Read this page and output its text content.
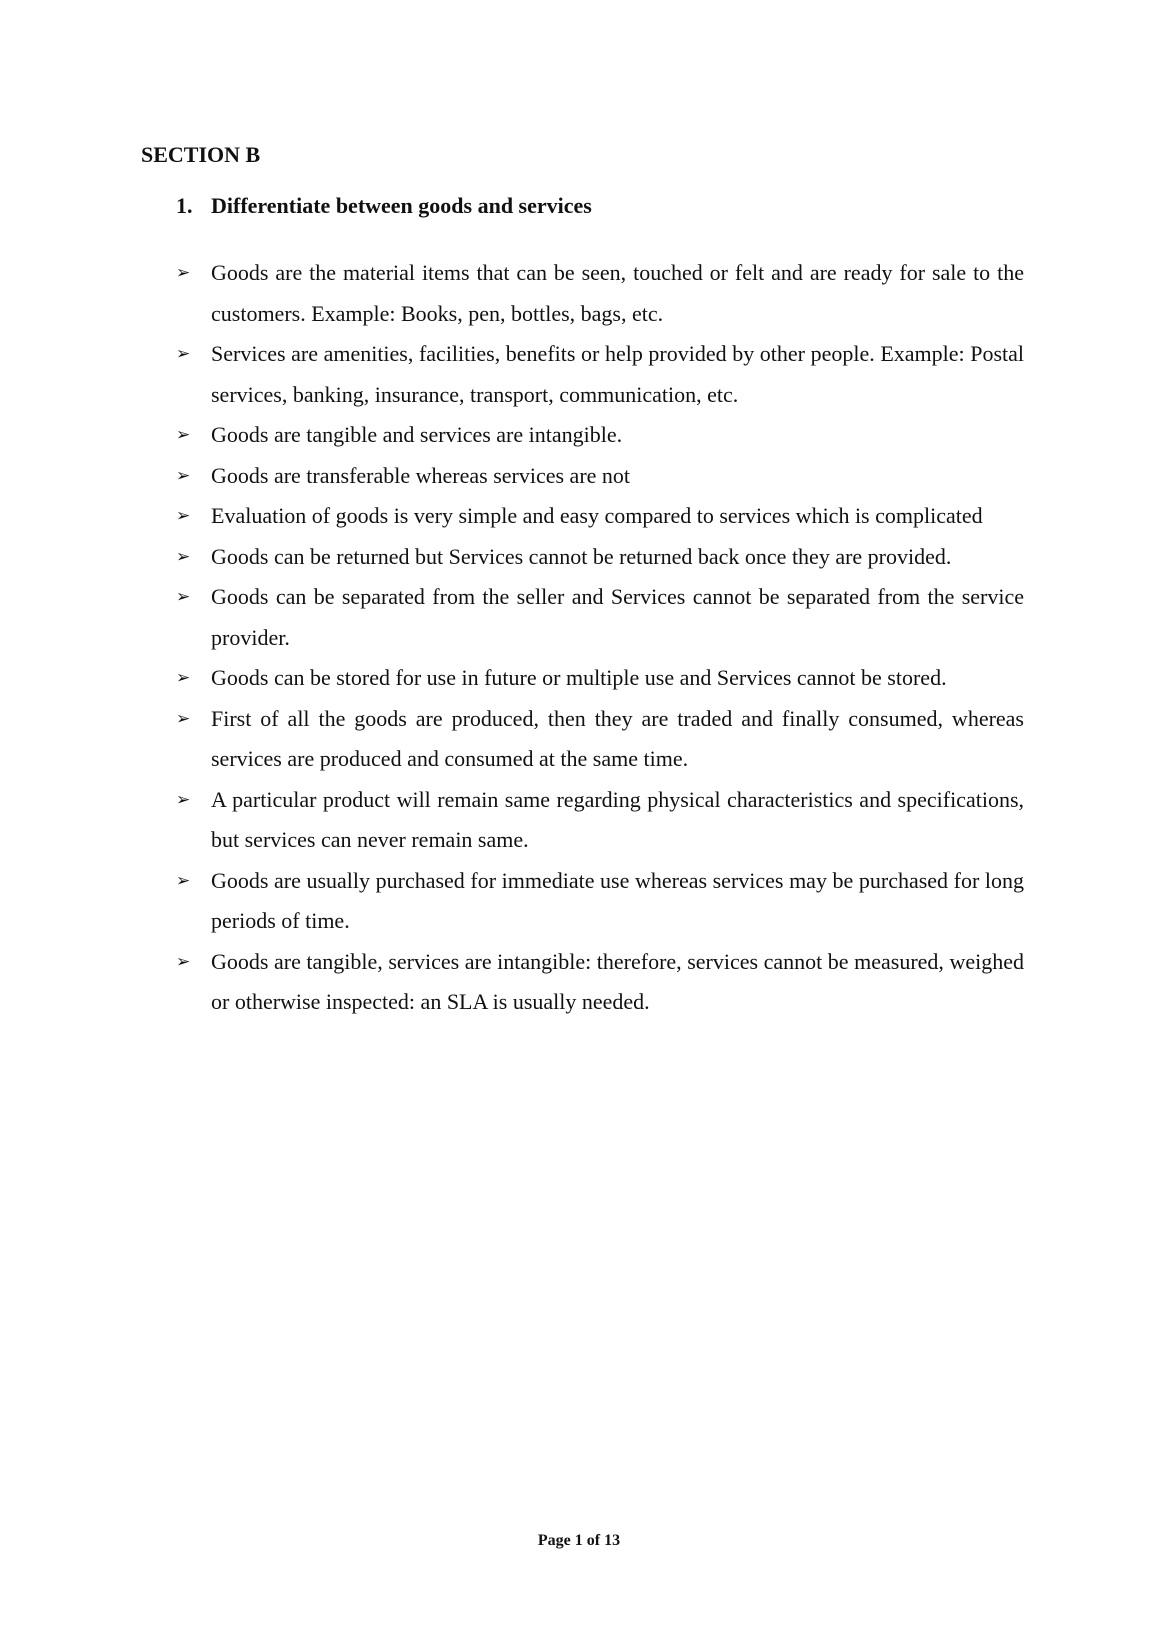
SECTION B
1. Differentiate between goods and services
➢ Goods are the material items that can be seen, touched or felt and are ready for sale to the customers. Example: Books, pen, bottles, bags, etc.
➢ Services are amenities, facilities, benefits or help provided by other people. Example: Postal services, banking, insurance, transport, communication, etc.
➢ Goods are tangible and services are intangible.
➢ Goods are transferable whereas services are not
➢ Evaluation of goods is very simple and easy compared to services which is complicated
➢ Goods can be returned but Services cannot be returned back once they are provided.
➢ Goods can be separated from the seller and Services cannot be separated from the service provider.
➢ Goods can be stored for use in future or multiple use and Services cannot be stored.
➢ First of all the goods are produced, then they are traded and finally consumed, whereas services are produced and consumed at the same time.
➢ A particular product will remain same regarding physical characteristics and specifications, but services can never remain same.
➢ Goods are usually purchased for immediate use whereas services may be purchased for long periods of time.
➢ Goods are tangible, services are intangible: therefore, services cannot be measured, weighed or otherwise inspected: an SLA is usually needed.
Page 1 of 13
